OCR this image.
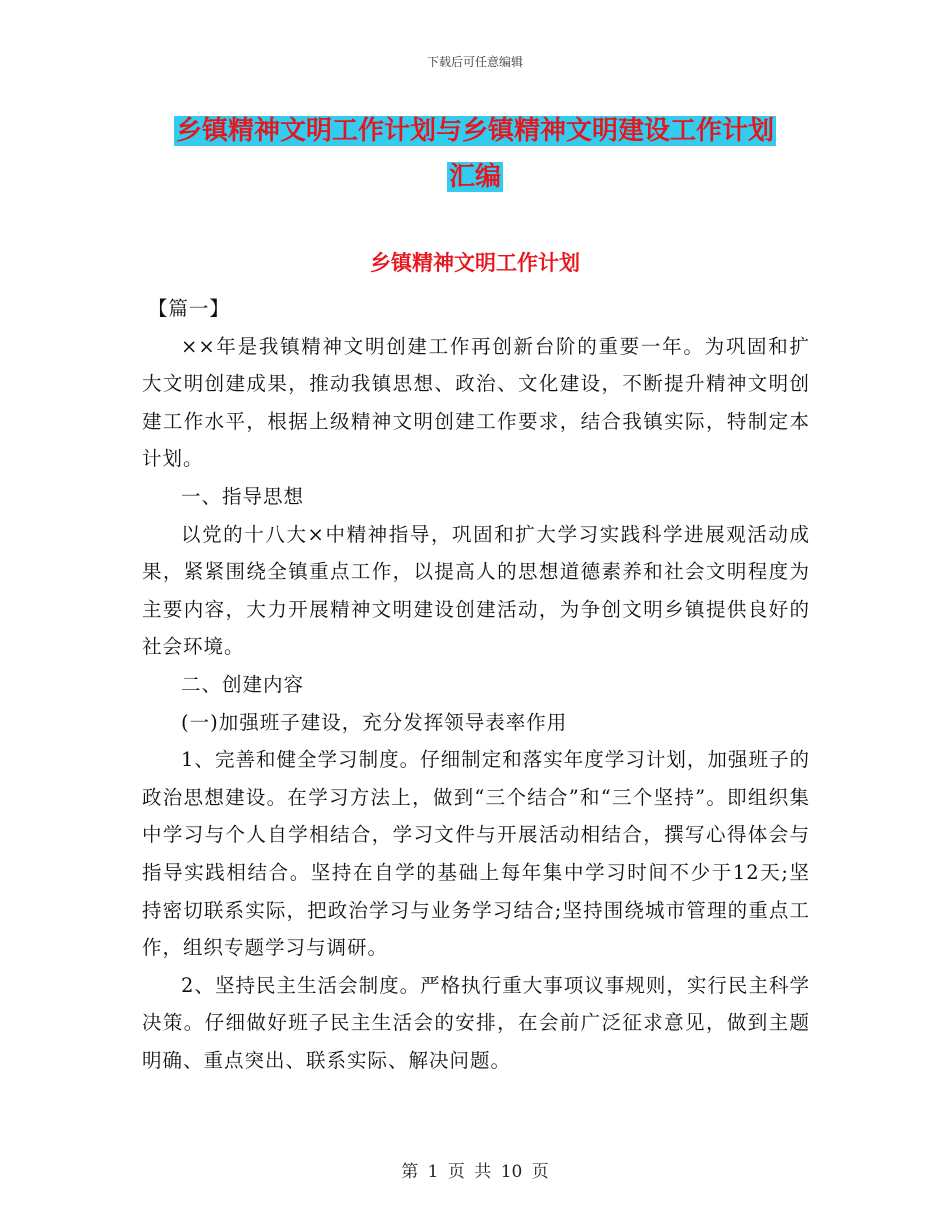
下载后可任意编辑
乡镇精神文明工作计划与乡镇精神文明建设工作计划
汇编
乡镇精神文明工作计划

【篇一】

××年是我镇精神文明创建工作再创新台阶的重要一年。为巩固和扩大文明创建成果，推动我镇思想、政治、文化建设，不断提升精神文明创建工作水平，根据上级精神文明创建工作要求，结合我镇实际，特制定本计划。

一、指导思想

以党的十八大×中精神指导，巩固和扩大学习实践科学进展观活动成果，紧紧围绕全镇重点工作，以提高人的思想道德素养和社会文明程度为主要内容，大力开展精神文明建设创建活动，为争创文明乡镇提供良好的社会环境。

二、创建内容

(一)加强班子建设，充分发挥领导表率作用

1、完善和健全学习制度。仔细制定和落实年度学习计划，加强班子的政治思想建设。在学习方法上，做到“三个结合”和“三个坚持”。即组织集中学习与个人自学相结合，学习文件与开展活动相结合，撰写心得体会与指导实践相结合。坚持在自学的基础上每年集中学习时间不少于12天;坚持密切联系实际，把政治学习与业务学习结合;坚持围绕城市管理的重点工作，组织专题学习与调研。

2、坚持民主生活会制度。严格执行重大事项议事规则，实行民主科学决策。仔细做好班子民主生活会的安排，在会前广泛征求意见，做到主题明确、重点突出、联系实际、解决问题。

第 1 页 共 10 页
